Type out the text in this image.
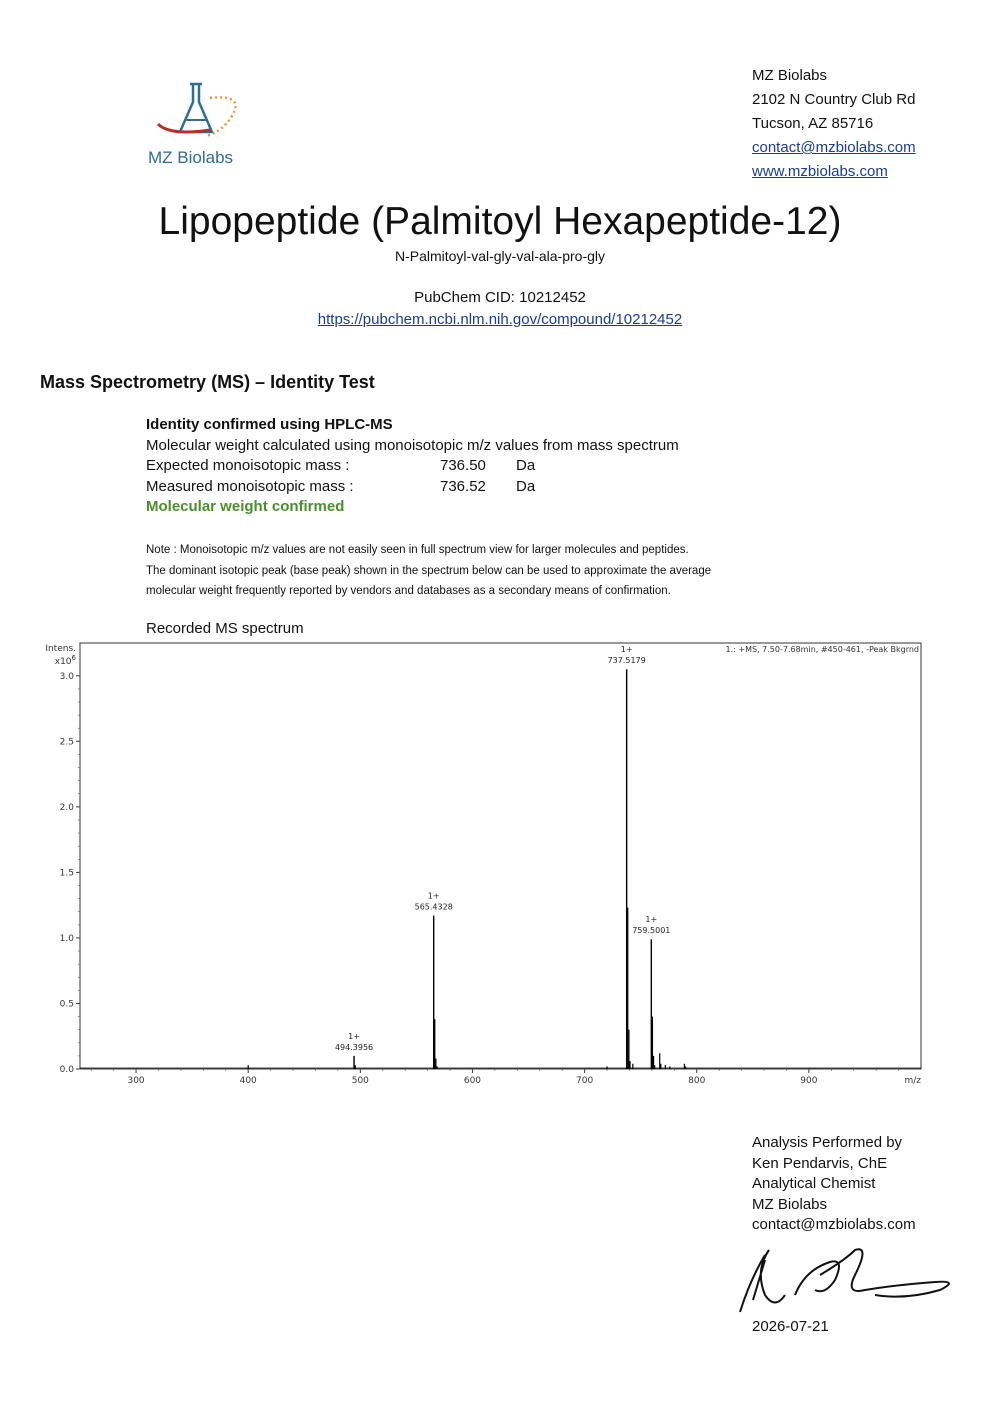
MZ Biolabs
MZ Biolabs
2102 N Country Club Rd
Tucson, AZ 85716
contact@mzbiolabs.com
www.mzbiolabs.com
Lipopeptide (Palmitoyl Hexapeptide-12)
N-Palmitoyl-val-gly-val-ala-pro-gly
PubChem CID: 10212452
https://pubchem.ncbi.nlm.nih.gov/compound/10212452
Mass Spectrometry (MS) – Identity Test
Identity confirmed using HPLC-MS
Molecular weight calculated using monoisotopic m/z values from mass spectrum
Expected monoisotopic mass :	736.50 Da
Measured monoisotopic mass :	736.52 Da
Molecular weight confirmed
Note : Monoisotopic m/z values are not easily seen in full spectrum view for larger molecules and peptides.
The dominant isotopic peak (base peak) shown in the spectrum below can be used to approximate the average
molecular weight frequently reported by vendors and databases as a secondary means of confirmation.
Recorded MS spectrum
0.0
0.5
1.0
1.5
2.0
2.5
3.0
300	400	500	600	700	800	900
Intens.
$x10^6$
m/z
1.: +MS, 7.50-7.68min, #450-461, -Peak Bkgrnd
1+
494.3956
1+
565.4328
1+
737.5179
1+
759.5001
Analysis Performed by
Ken Pendarvis, ChE
Analytical Chemist
MZ Biolabs
contact@mzbiolabs.com
2026-07-21
